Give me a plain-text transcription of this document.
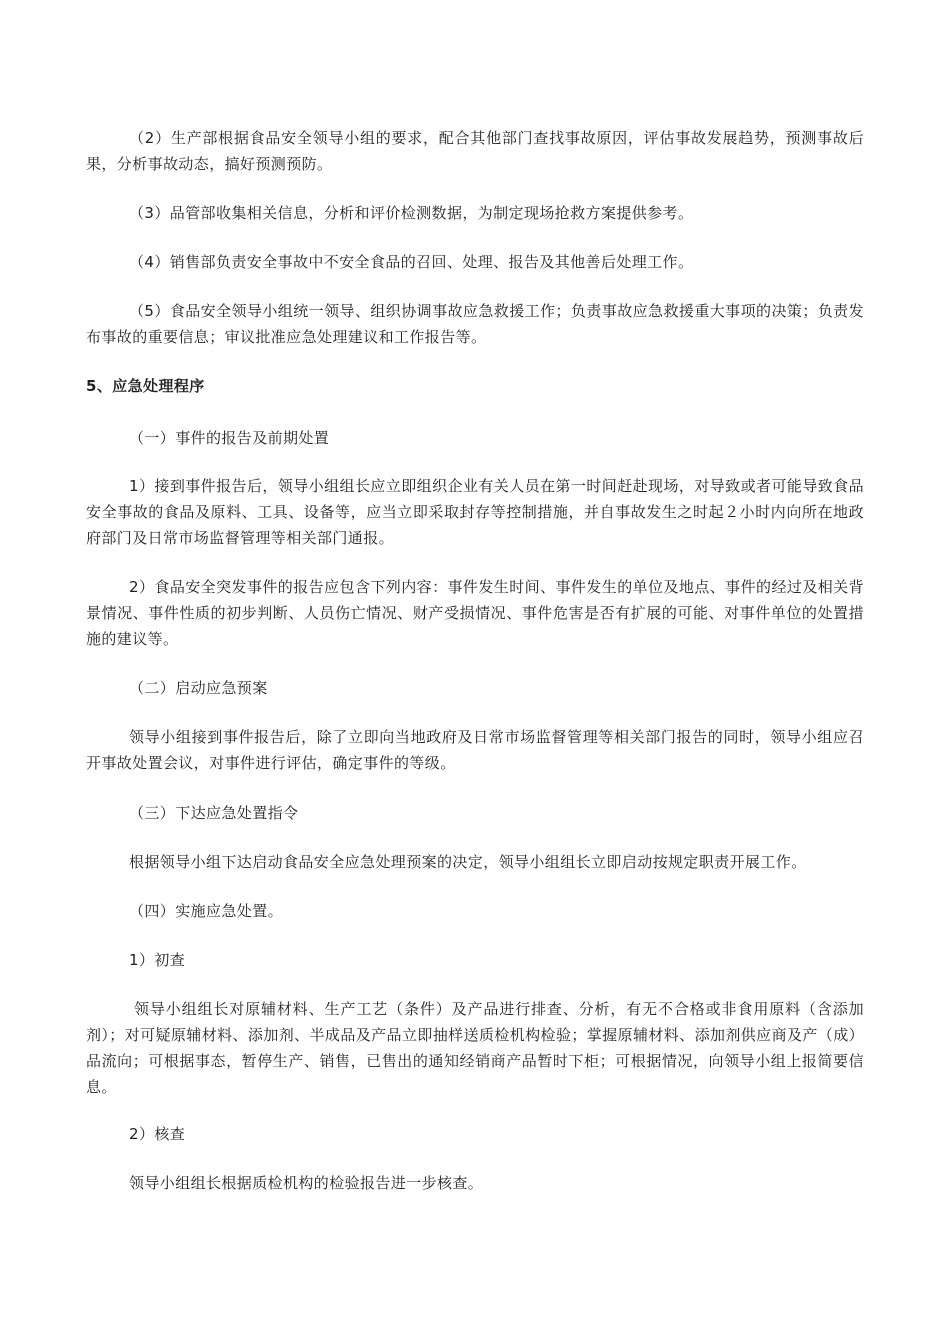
（2）生产部根据食品安全领导小组的要求，配合其他部门查找事故原因，评估事故发展趋势，预测事故后果，分析事故动态，搞好预测预防。

（3）品管部收集相关信息，分析和评价检测数据，为制定现场抢救方案提供参考。

（4）销售部负责安全事故中不安全食品的召回、处理、报告及其他善后处理工作。

（5）食品安全领导小组统一领导、组织协调事故应急救援工作；负责事故应急救援重大事项的决策；负责发布事故的重要信息；审议批准应急处理建议和工作报告等。

5、应急处理程序

（一）事件的报告及前期处置

1）接到事件报告后，领导小组组长应立即组织企业有关人员在第一时间赶赴现场，对导致或者可能导致食品安全事故的食品及原料、工具、设备等，应当立即采取封存等控制措施，并自事故发生之时起２小时内向所在地政府部门及日常市场监督管理等相关部门通报。

2）食品安全突发事件的报告应包含下列内容：事件发生时间、事件发生的单位及地点、事件的经过及相关背景情况、事件性质的初步判断、人员伤亡情况、财产受损情况、事件危害是否有扩展的可能、对事件单位的处置措施的建议等。

（二）启动应急预案

领导小组接到事件报告后，除了立即向当地政府及日常市场监督管理等相关部门报告的同时，领导小组应召开事故处置会议，对事件进行评估，确定事件的等级。

（三）下达应急处置指令

根据领导小组下达启动食品安全应急处理预案的决定，领导小组组长立即启动按规定职责开展工作。

（四）实施应急处置。

1）初查

领导小组组长对原辅材料、生产工艺（条件）及产品进行排查、分析，有无不合格或非食用原料（含添加剂）；对可疑原辅材料、添加剂、半成品及产品立即抽样送质检机构检验；掌握原辅材料、添加剂供应商及产（成）品流向；可根据事态，暂停生产、销售，已售出的通知经销商产品暂时下柜；可根据情况，向领导小组上报简要信息。

2）核查

领导小组组长根据质检机构的检验报告进一步核查。
